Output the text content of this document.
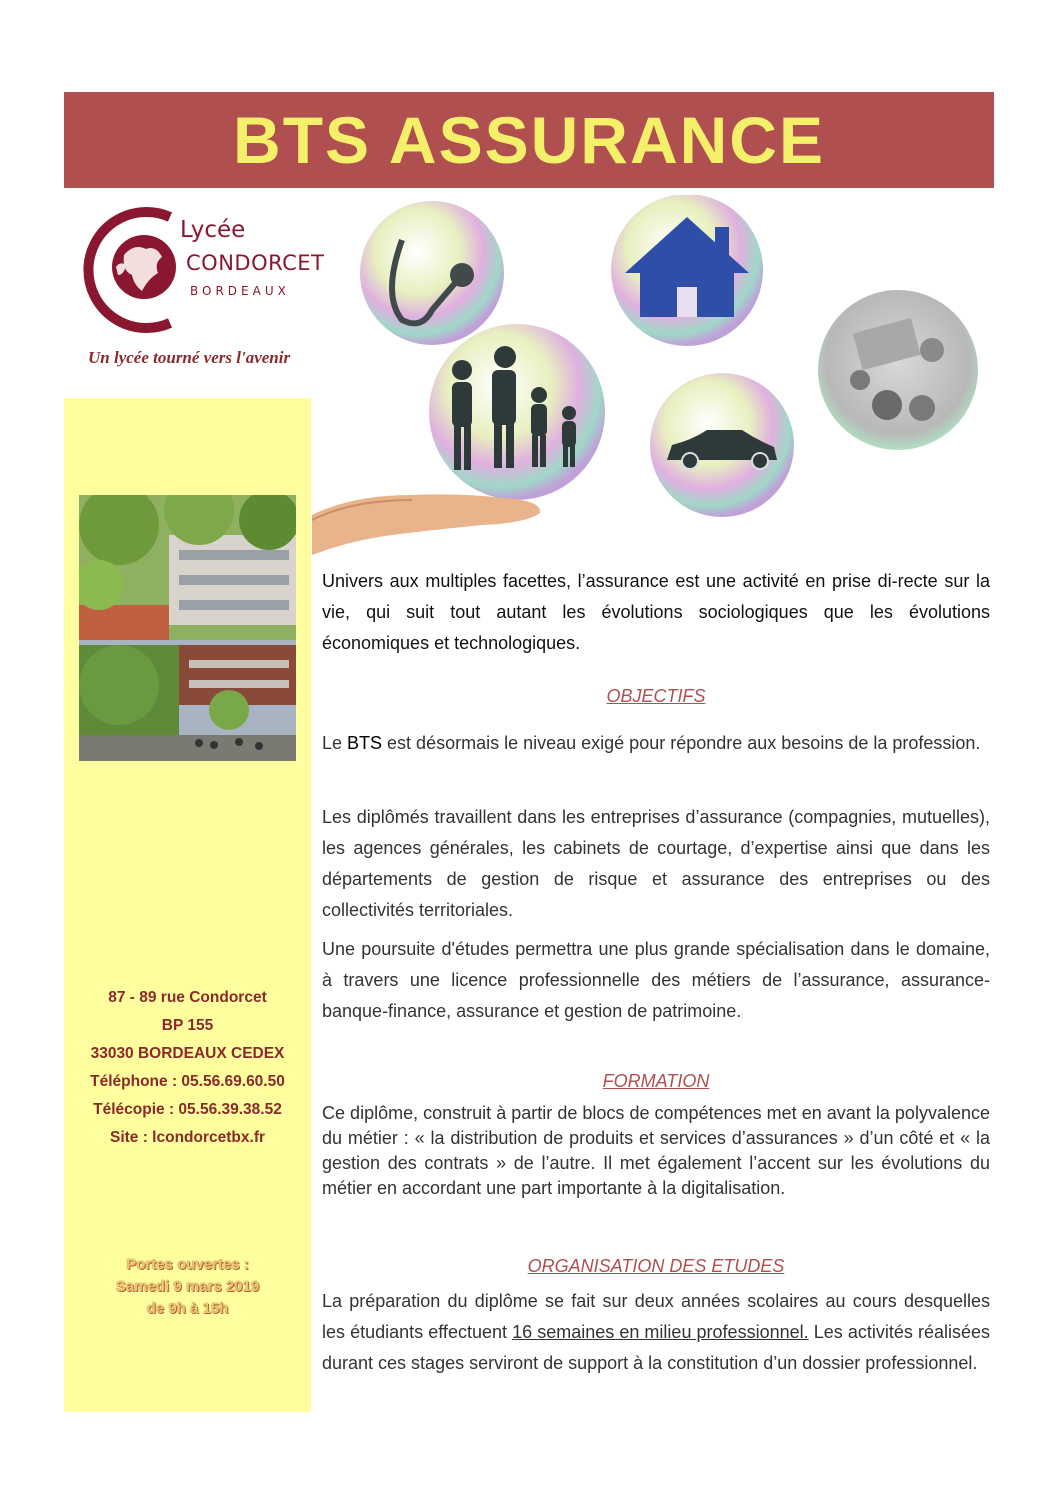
BTS ASSURANCE
Lycée
CONDORCET
BORDEAUX
Un lycée tourné vers l'avenir
87 - 89 rue Condorcet
BP 155
33030 BORDEAUX CEDEX
Téléphone : 05.56.69.60.50
Télécopie : 05.56.39.38.52
Site : lcondorcetbx.fr
Portes ouvertes :
Samedi 9 mars 2019
de 9h à 15h
Univers aux multiples facettes, l’assurance est une activité en prise di-recte sur la vie, qui suit tout autant les évolutions sociologiques que les évolutions économiques et technologiques.
OBJECTIFS
Le BTS est désormais le niveau exigé pour répondre aux besoins de la profession.
Les diplômés travaillent dans les entreprises d’assurance (compagnies, mutuelles), les agences générales, les cabinets de courtage, d’expertise ainsi que dans les départements de gestion de risque et assurance des entreprises ou des collectivités territoriales.
Une poursuite d'études permettra une plus grande spécialisation dans le domaine, à travers une licence professionnelle des métiers de l’assurance, assurance-banque-finance, assurance et gestion de patrimoine.
FORMATION
Ce diplôme, construit à partir de blocs de compétences met en avant la polyvalence du métier : « la distribution de produits et services d’assurances » d’un côté et « la gestion des contrats » de l’autre. Il met également l’accent sur les évolutions du métier en accordant une part importante à la digitalisation.
ORGANISATION DES ETUDES
La préparation du diplôme se fait sur deux années scolaires au cours desquelles les étudiants effectuent 16 semaines en milieu professionnel. Les activités réalisées durant ces stages serviront de support à la constitution d’un dossier professionnel.
